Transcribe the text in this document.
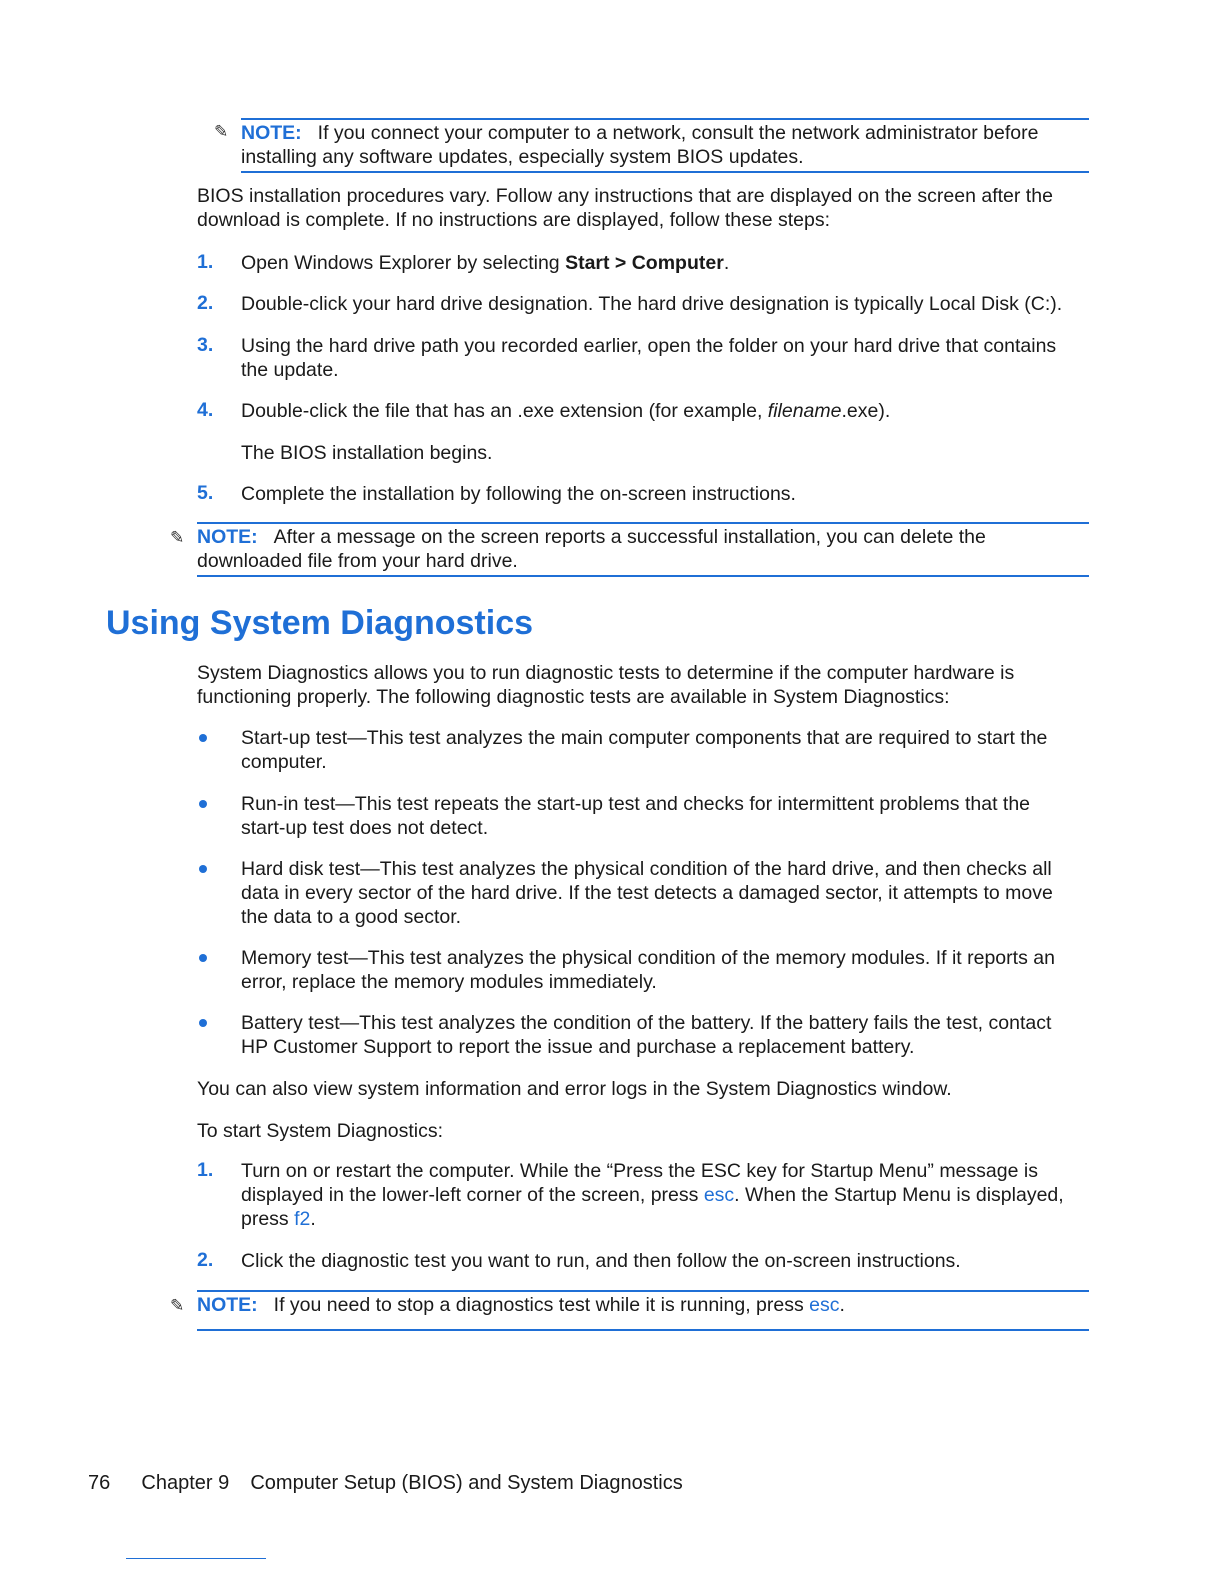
NOTE: If you connect your computer to a network, consult the network administrator before installing any software updates, especially system BIOS updates.
✎
BIOS installation procedures vary. Follow any instructions that are displayed on the screen after the download is complete. If no instructions are displayed, follow these steps:
1. Open Windows Explorer by selecting Start > Computer.
2. Double-click your hard drive designation. The hard drive designation is typically Local Disk (C:).
3. Using the hard drive path you recorded earlier, open the folder on your hard drive that contains the update.
4. Double-click the file that has an .exe extension (for example, filename.exe).
The BIOS installation begins.
5. Complete the installation by following the on-screen instructions.
NOTE: After a message on the screen reports a successful installation, you can delete the downloaded file from your hard drive.
✎
Using System Diagnostics
System Diagnostics allows you to run diagnostic tests to determine if the computer hardware is functioning properly. The following diagnostic tests are available in System Diagnostics:
Start-up test—This test analyzes the main computer components that are required to start the computer.
Run-in test—This test repeats the start-up test and checks for intermittent problems that the start-up test does not detect.
Hard disk test—This test analyzes the physical condition of the hard drive, and then checks all data in every sector of the hard drive. If the test detects a damaged sector, it attempts to move the data to a good sector.
Memory test—This test analyzes the physical condition of the memory modules. If it reports an error, replace the memory modules immediately.
Battery test—This test analyzes the condition of the battery. If the battery fails the test, contact HP Customer Support to report the issue and purchase a replacement battery.
You can also view system information and error logs in the System Diagnostics window.
To start System Diagnostics:
1. Turn on or restart the computer. While the “Press the ESC key for Startup Menu” message is displayed in the lower-left corner of the screen, press esc. When the Startup Menu is displayed, press f2.
2. Click the diagnostic test you want to run, and then follow the on-screen instructions.
NOTE: If you need to stop a diagnostics test while it is running, press esc.
✎
76 Chapter 9 Computer Setup (BIOS) and System Diagnostics
